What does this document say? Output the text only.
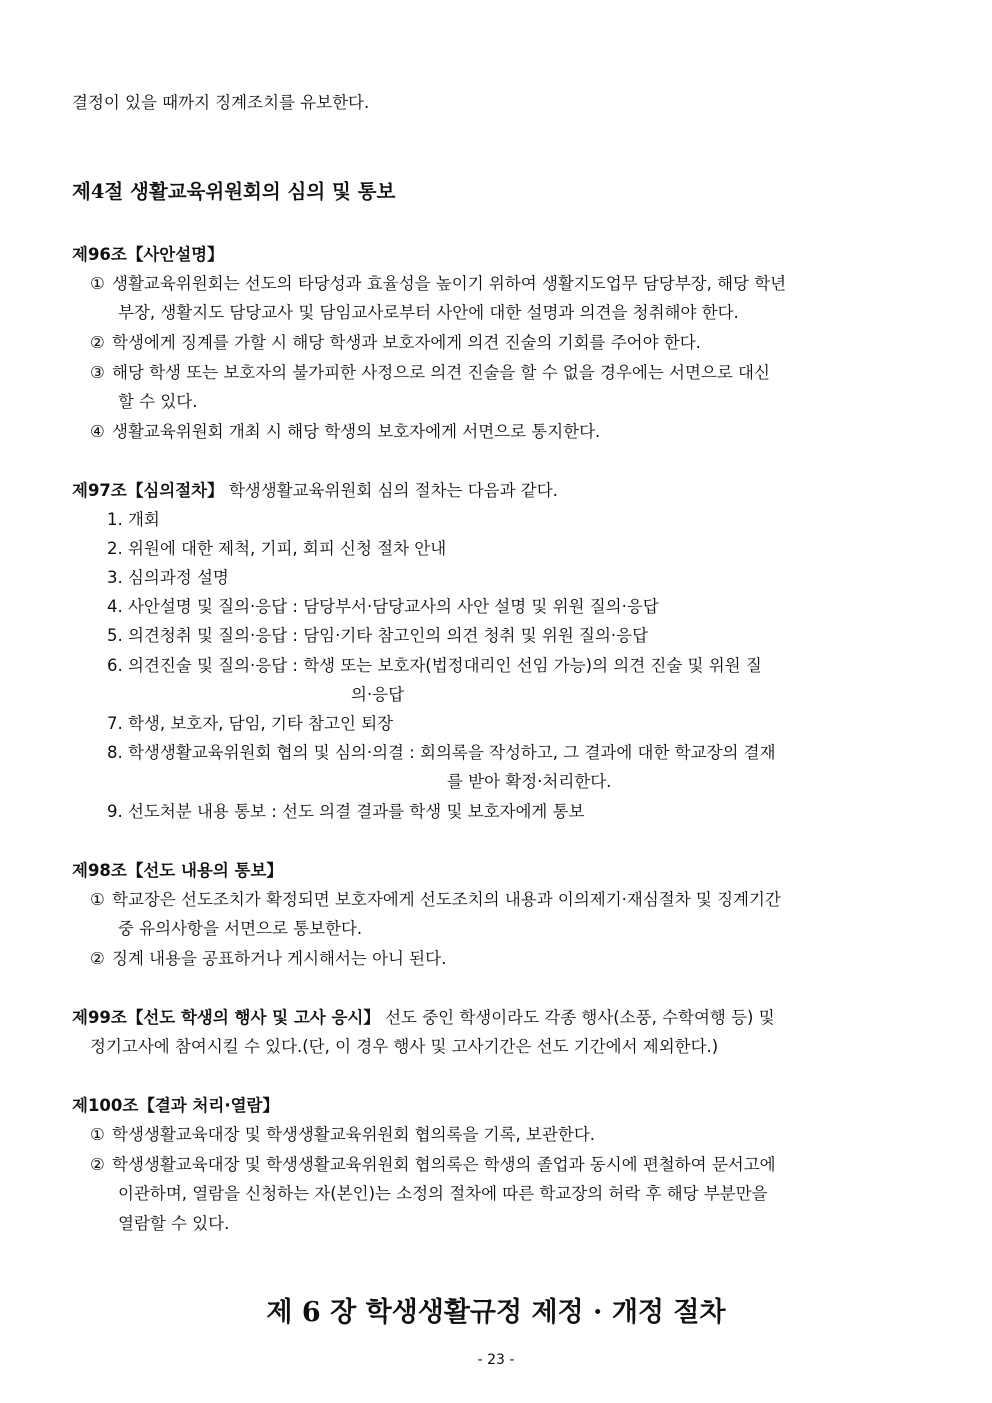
결정이 있을 때까지 징계조치를 유보한다.
제4절 생활교육위원회의 심의 및 통보
제96조【사안설명】
① 생활교육위원회는 선도의 타당성과 효율성을 높이기 위하여 생활지도업무 담당부장, 해당 학년
부장, 생활지도 담당교사 및 담임교사로부터 사안에 대한 설명과 의견을 청취해야 한다.
② 학생에게 징계를 가할 시 해당 학생과 보호자에게 의견 진술의 기회를 주어야 한다.
③ 해당 학생 또는 보호자의 불가피한 사정으로 의견 진술을 할 수 없을 경우에는 서면으로 대신
할 수 있다.
④ 생활교육위원회 개최 시 해당 학생의 보호자에게 서면으로 통지한다.
제97조【심의절차】 학생생활교육위원회 심의 절차는 다음과 같다.
1. 개회
2. 위원에 대한 제척, 기피, 회피 신청 절차 안내
3. 심의과정 설명
4. 사안설명 및 질의·응답 : 담당부서·담당교사의 사안 설명 및 위원 질의·응답
5. 의견청취 및 질의·응답 : 담임·기타 참고인의 의견 청취 및 위원 질의·응답
6. 의견진술 및 질의·응답 : 학생 또는 보호자(법정대리인 선임 가능)의 의견 진술 및 위원 질
의·응답
7. 학생, 보호자, 담임, 기타 참고인 퇴장
8. 학생생활교육위원회 협의 및 심의·의결 : 회의록을 작성하고, 그 결과에 대한 학교장의 결재
를 받아 확정·처리한다.
9. 선도처분 내용 통보 : 선도 의결 결과를 학생 및 보호자에게 통보
제98조【선도 내용의 통보】
① 학교장은 선도조치가 확정되면 보호자에게 선도조치의 내용과 이의제기·재심절차 및 징계기간
중 유의사항을 서면으로 통보한다.
② 징계 내용을 공표하거나 게시해서는 아니 된다.
제99조【선도 학생의 행사 및 고사 응시】 선도 중인 학생이라도 각종 행사(소풍, 수학여행 등) 및
정기고사에 참여시킬 수 있다.(단, 이 경우 행사 및 고사기간은 선도 기간에서 제외한다.)
제100조【결과 처리·열람】
① 학생생활교육대장 및 학생생활교육위원회 협의록을 기록, 보관한다.
② 학생생활교육대장 및 학생생활교육위원회 협의록은 학생의 졸업과 동시에 편철하여 문서고에
이관하며, 열람을 신청하는 자(본인)는 소정의 절차에 따른 학교장의 허락 후 해당 부분만을
열람할 수 있다.
제 6 장 학생생활규정 제정 · 개정 절차
- 23 -
